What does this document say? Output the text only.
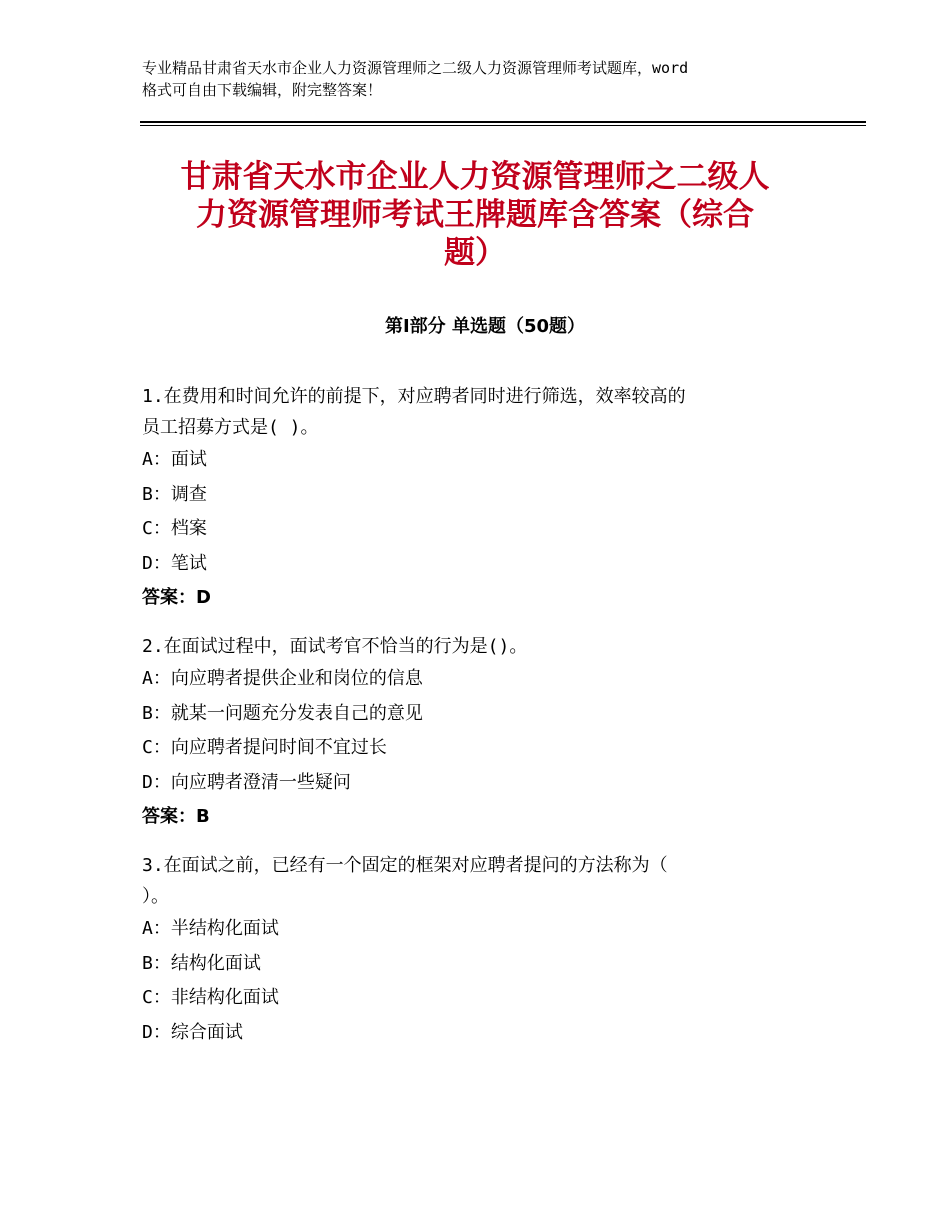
专业精品甘肃省天水市企业人力资源管理师之二级人力资源管理师考试题库，word
格式可自由下载编辑，附完整答案！
甘肃省天水市企业人力资源管理师之二级人
力资源管理师考试王牌题库含答案（综合
题）
第Ⅰ部分 单选题（50题）
1.在费用和时间允许的前提下，对应聘者同时进行筛选，效率较高的
员工招募方式是( )。
A：面试
B：调查
C：档案
D：笔试
答案：D
2.在面试过程中，面试考官不恰当的行为是()。
A：向应聘者提供企业和岗位的信息
B：就某一问题充分发表自己的意见
C：向应聘者提问时间不宜过长
D：向应聘者澄清一些疑问
答案：B
3.在面试之前，已经有一个固定的框架对应聘者提问的方法称为（
）。
A：半结构化面试
B：结构化面试
C：非结构化面试
D：综合面试
